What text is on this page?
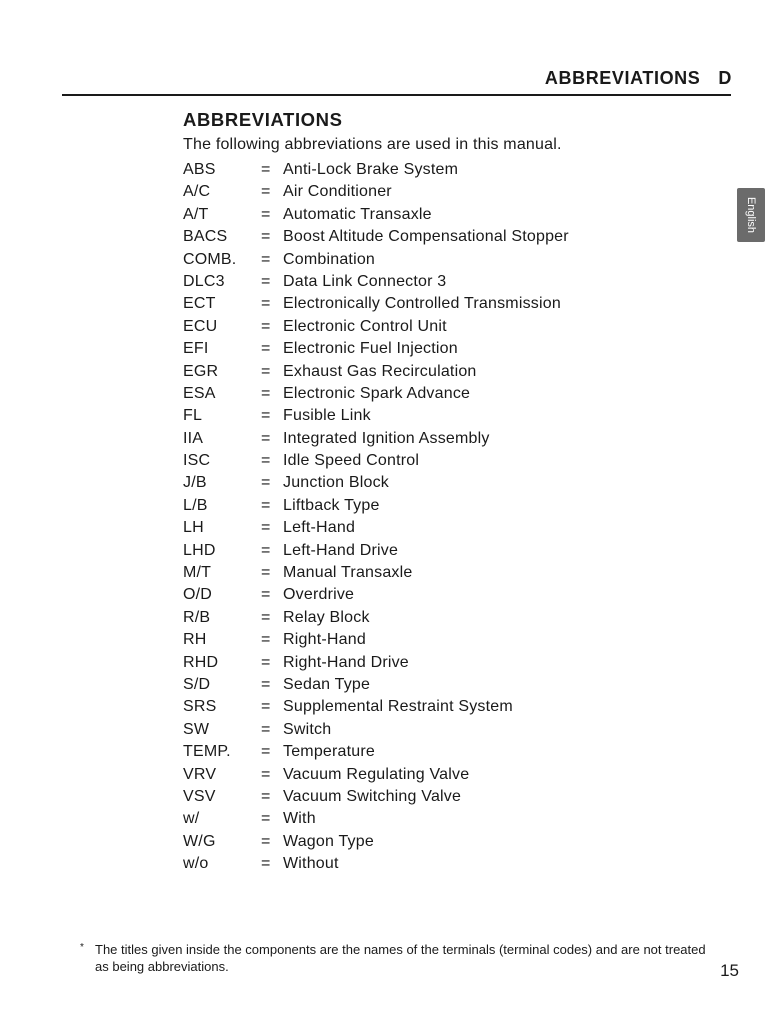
ABBREVIATIONS D
English
ABBREVIATIONS
The following abbreviations are used in this manual.
ABS	= Anti-Lock Brake System
A/C	= Air Conditioner
A/T	= Automatic Transaxle
BACS = Boost Altitude Compensational Stopper
COMB. = Combination
DLC3 = Data Link Connector 3
ECT	= Electronically Controlled Transmission
ECU	= Electronic Control Unit
EFI	= Electronic Fuel Injection
EGR	= Exhaust Gas Recirculation
ESA	= Electronic Spark Advance
FL	= Fusible Link
IIA	= Integrated Ignition Assembly
ISC	= Idle Speed Control
J/B	= Junction Block
L/B	= Liftback Type
LH	= Left-Hand
LHD	= Left-Hand Drive
M/T	= Manual Transaxle
O/D	= Overdrive
R/B	= Relay Block
RH	= Right-Hand
RHD	= Right-Hand Drive
S/D	= Sedan Type
SRS	= Supplemental Restraint System
SW	= Switch
TEMP. = Temperature
VRV	= Vacuum Regulating Valve
VSV	= Vacuum Switching Valve
w/	= With
W/G	= Wagon Type
w/o	= Without
* The titles given inside the components are the names of the terminals (terminal codes) and are not treated as being abbreviations.	15
